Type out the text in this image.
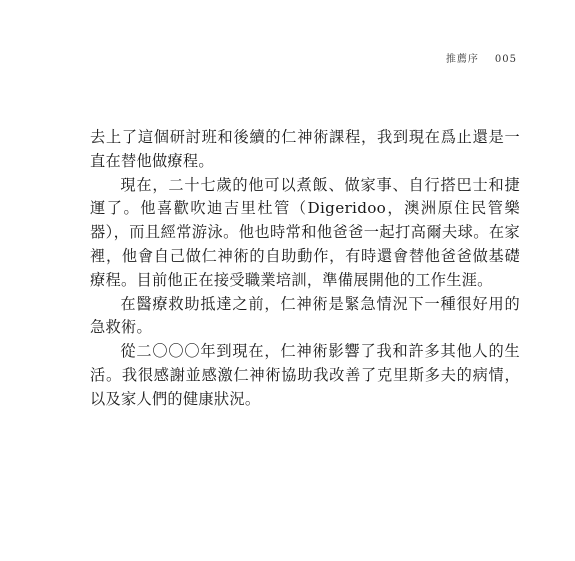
推薦序 005

去上了這個研討班和後續的仁神術課程，我到現在爲止還是一直在替他做療程。

現在，二十七歲的他可以煮飯、做家事、自行搭巴士和捷運了。他喜歡吹迪吉里杜管（Digeridoo，澳洲原住民管樂器），而且經常游泳。他也時常和他爸爸一起打高爾夫球。在家裡，他會自己做仁神術的自助動作，有時還會替他爸爸做基礎療程。目前他正在接受職業培訓，準備展開他的工作生涯。

在醫療救助抵達之前，仁神術是緊急情況下一種很好用的急救術。

從二〇〇〇年到現在，仁神術影響了我和許多其他人的生活。我很感謝並感激仁神術協助我改善了克里斯多夫的病情，以及家人們的健康狀況。
